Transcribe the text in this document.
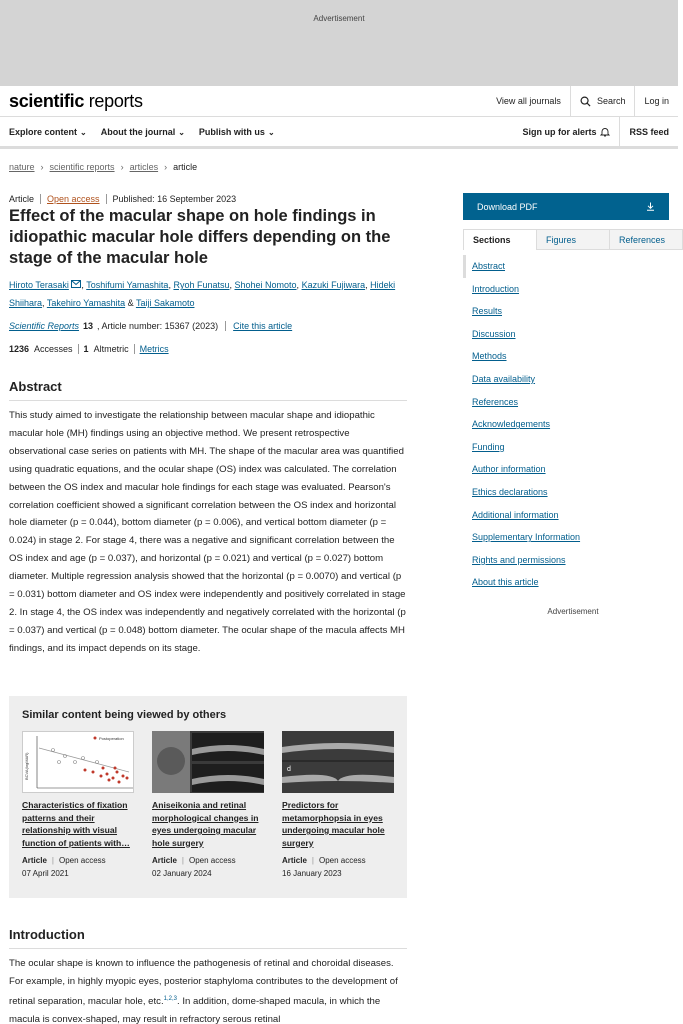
Advertisement
scientific reports	View all journals	Search	Log in
Explore content ⌄ About the journal ⌄ Publish with us ⌄	Sign up for alerts	RSS feed
nature › scientific reports › articles › article
Article Open access Published: 16 September 2023
Effect of the macular shape on hole findings in idiopathic macular hole differs depending on the stage of the macular hole
Hiroto Terasaki , Toshifumi Yamashita, Ryoh Funatsu, Shohei Nomoto, Kazuki Fujiwara, Hideki Shiihara, Takehiro Yamashita & Taiji Sakamoto
Scientific Reports 13 , Article number: 15367 (2023) Cite this article
1236 Accesses 1 Altmetric Metrics
Abstract

This study aimed to investigate the relationship between macular shape and idiopathic macular hole (MH) findings using an objective method. We present retrospective observational case series on patients with MH. The shape of the macular area was quantified using quadratic equations, and the ocular shape (OS) index was calculated. The correlation between the OS index and macular hole findings for each stage was evaluated. Pearson's correlation coefficient showed a significant correlation between the OS index and horizontal hole diameter (p = 0.044), bottom diameter (p = 0.006), and vertical bottom diameter (p = 0.024) in stage 2. For stage 4, there was a negative and significant correlation between the OS index and age (p = 0.037), and horizontal (p = 0.021) and vertical (p = 0.027) bottom diameter. Multiple regression analysis showed that the horizontal (p = 0.0070) and vertical (p = 0.031) bottom diameter and OS index were independently and positively correlated in stage 2. In stage 4, the OS index was independently and negatively correlated with the horizontal (p = 0.037) and vertical (p = 0.048) bottom diameter. The ocular shape of the macula affects MH findings, and its impact depends on its stage.

Similar content being viewed by others
Postoperation
BCVA(logMAR)
Characteristics of fixation patterns and their relationship with visual function of patients with…
Article | Open access
07 April 2021
Aniseikonia and retinal morphological changes in eyes undergoing macular hole surgery
Article | Open access
02 January 2024
d
Predictors for metamorphopsia in eyes undergoing macular hole surgery
Article | Open access
16 January 2023
Introduction

The ocular shape is known to influence the pathogenesis of retinal and choroidal diseases. For example, in highly myopic eyes, posterior staphyloma contributes to the development of retinal separation, macular hole, etc.$^{1,2,3}$. In addition, dome-shaped macula, in which the macula is convex-shaped, may result in refractory serous retinal

Download PDF
Sections	Figures	References
Abstract
Introduction
Results
Discussion
Methods
Data availability
References
Acknowledgements
Funding
Author information
Ethics declarations
Additional information
Supplementary Information
Rights and permissions
About this article
Advertisement
